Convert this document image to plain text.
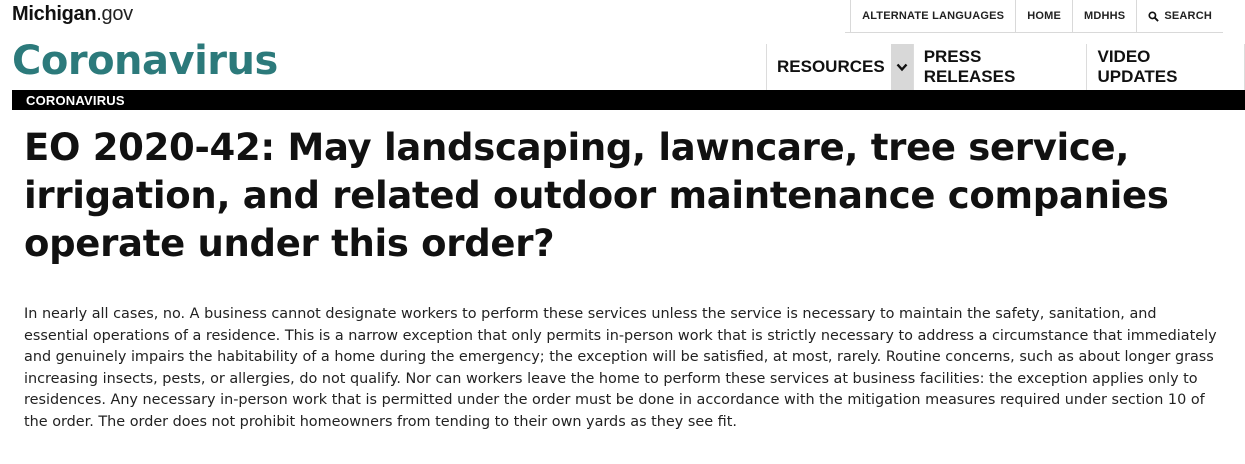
Michigan.gov	ALTERNATE LANGUAGES HOME MDHHS	SEARCH
Coronavirus	RESOURCES
PRESS RELEASES
VIDEO UPDATES
CORONAVIRUS
EO 2020-42: May landscaping, lawncare, tree service, irrigation, and related outdoor maintenance companies operate under this order?

In nearly all cases, no. A business cannot designate workers to perform these services unless the service is necessary to maintain the safety, sanitation, and essential operations of a residence. This is a narrow exception that only permits in-person work that is strictly necessary to address a circumstance that immediately and genuinely impairs the habitability of a home during the emergency; the exception will be satisfied, at most, rarely. Routine concerns, such as about longer grass increasing insects, pests, or allergies, do not qualify. Nor can workers leave the home to perform these services at business facilities: the exception applies only to residences. Any necessary in-person work that is permitted under the order must be done in accordance with the mitigation measures required under section 10 of the order. The order does not prohibit homeowners from tending to their own yards as they see fit.
